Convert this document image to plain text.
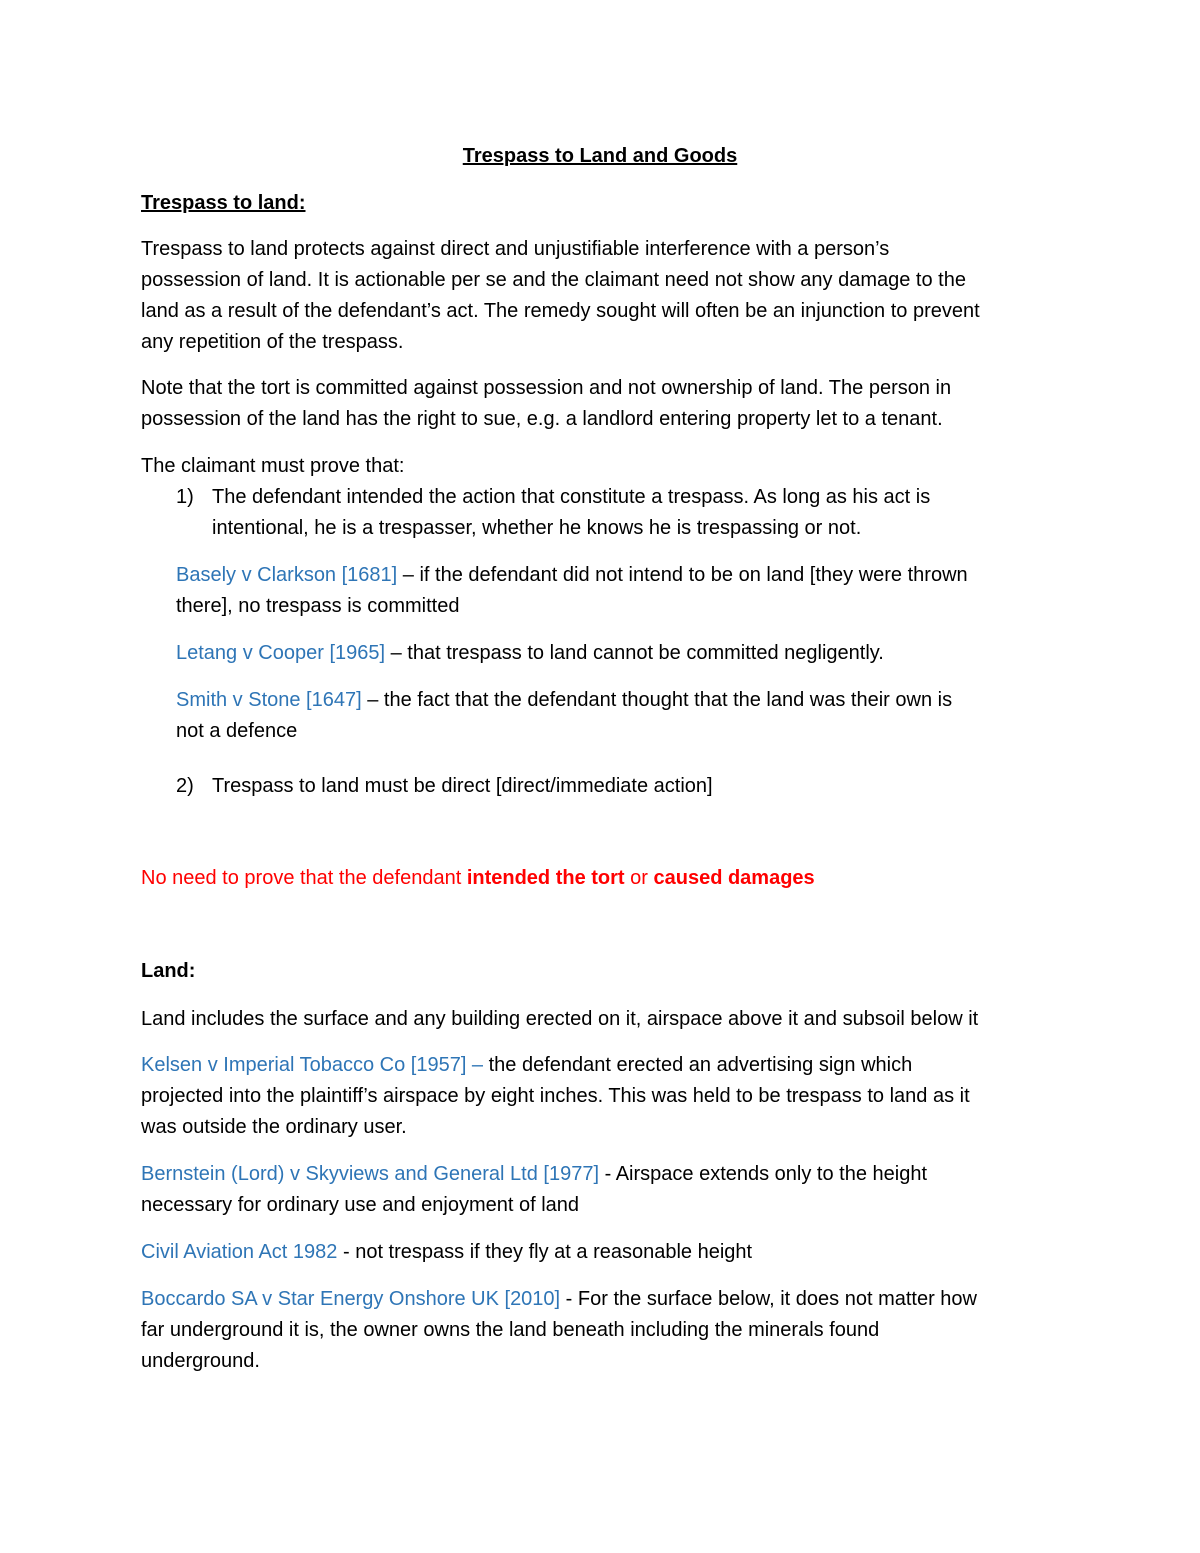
Trespass to Land and Goods
Trespass to land:
Trespass to land protects against direct and unjustifiable interference with a person’s
possession of land. It is actionable per se and the claimant need not show any damage to the
land as a result of the defendant’s act. The remedy sought will often be an injunction to prevent
any repetition of the trespass.
Note that the tort is committed against possession and not ownership of land. The person in
possession of the land has the right to sue, e.g. a landlord entering property let to a tenant.
The claimant must prove that:
1) The defendant intended the action that constitute a trespass. As long as his act is
intentional, he is a trespasser, whether he knows he is trespassing or not.
Basely v Clarkson [1681] – if the defendant did not intend to be on land [they were thrown
there], no trespass is committed
Letang v Cooper [1965] – that trespass to land cannot be committed negligently.
Smith v Stone [1647] – the fact that the defendant thought that the land was their own is
not a defence
2) Trespass to land must be direct [direct/immediate action]
No need to prove that the defendant intended the tort or caused damages
Land:
Land includes the surface and any building erected on it, airspace above it and subsoil below it
Kelsen v Imperial Tobacco Co [1957] – the defendant erected an advertising sign which
projected into the plaintiff’s airspace by eight inches. This was held to be trespass to land as it
was outside the ordinary user.
Bernstein (Lord) v Skyviews and General Ltd [1977] - Airspace extends only to the height
necessary for ordinary use and enjoyment of land
Civil Aviation Act 1982 - not trespass if they fly at a reasonable height
Boccardo SA v Star Energy Onshore UK [2010] - For the surface below, it does not matter how
far underground it is, the owner owns the land beneath including the minerals found
underground.
